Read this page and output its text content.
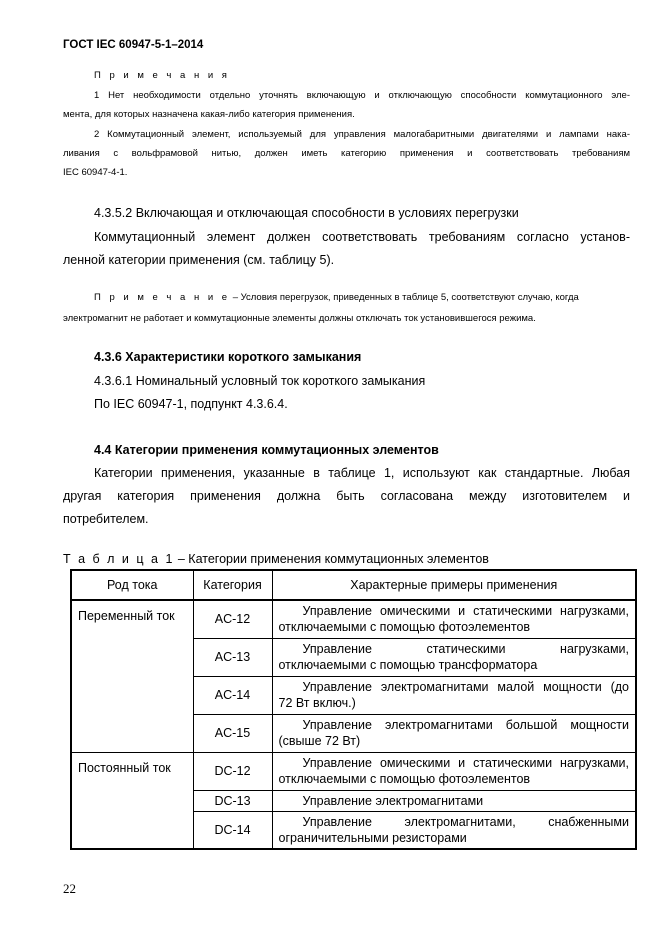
ГОСТ IEC 60947-5-1–2014
П р и м е ч а н и я
1 Нет необходимости отдельно уточнять включающую и отключающую способности коммутационного эле-
мента, для которых назначена какая-либо категория применения.
2 Коммутационный элемент, используемый для управления малогабаритными двигателями и лампами нака-
ливания с вольфрамовой нитью, должен иметь категорию применения и соответствовать требованиям
IEC 60947-4-1.
4.3.5.2 Включающая и отключающая способности в условиях перегрузки
Коммутационный элемент должен соответствовать требованиям согласно установ-
ленной категории применения (см. таблицу 5).
П р и м е ч а н и е – Условия перегрузок, приведенных в таблице 5, соответствуют случаю, когда
электромагнит не работает и коммутационные элементы должны отключать ток установившегося режима.
4.3.6 Характеристики короткого замыкания
4.3.6.1 Номинальный условный ток короткого замыкания
По IEC 60947-1, подпункт 4.3.6.4.
4.4 Категории применения коммутационных элементов
Категории применения, указанные в таблице 1, используют как стандартные. Любая
другая категория применения должна быть согласована между изготовителем и
потребителем.
Т а б л и ц а 1 – Категории применения коммутационных элементов
Род тока	Категория	Характерные примеры применения
Переменный ток	AC-12	Управление омическими и статическими нагрузками,
отключаемыми с помощью фотоэлементов

	AC-13	Управление статическими нагрузками,
отключаемыми с помощью трансформатора

	AC-14	Управление электромагнитами малой мощности (до
72 Вт включ.)

	AC-15	Управление электромагнитами большой мощности
(свыше 72 Вт)

Постоянный ток	DC-12	Управление омическими и статическими нагрузками,
отключаемыми с помощью фотоэлементов

	DC-13	Управление электромагнитами

	DC-14	Управление электромагнитами, снабженными
ограничительными резисторами
22
